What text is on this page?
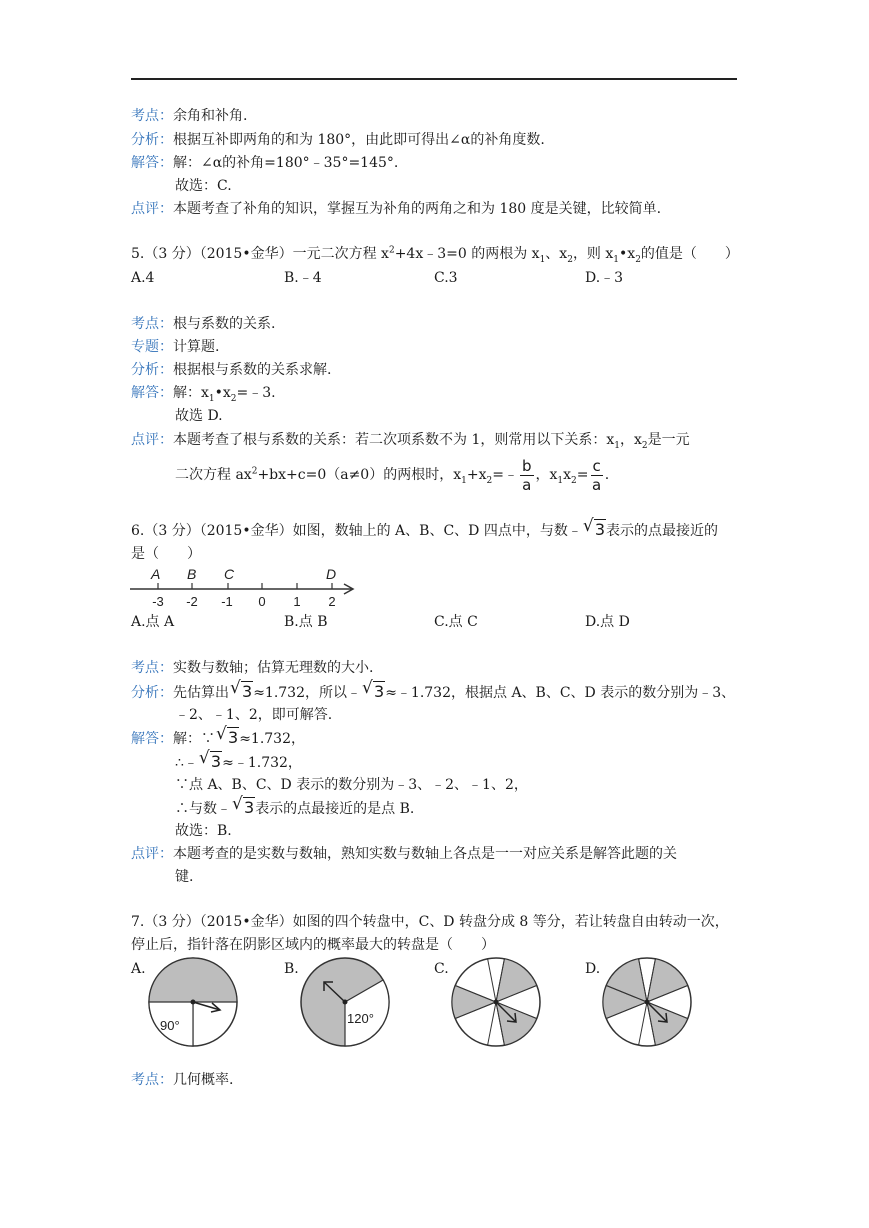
考点：余角和补角.
分析：根据互补即两角的和为 180°，由此即可得出∠α的补角度数.
解答：解：∠α的补角=180°﹣35°=145°.
故选：C.
点评：本题考查了补角的知识，掌握互为补角的两角之和为 180 度是关键，比较简单.
5.（3 分）（2015•金华）一元二次方程 $x^2+4x﹣3=0$ 的两根为 $x_1$、$x_2$，则 $x_1•x_2$的值是（　　）
A.4	B.﹣4	C.3	D.﹣3
考点：根与系数的关系.
专题：计算题.
分析：根据根与系数的关系求解.
解答：解：$x_1•x_2=﹣3$.
故选 D.
点评：本题考查了根与系数的关系：若二次项系数不为 1，则常用以下关系：$x_1$，$x_2$是一元
二次方程 $ax^2+bx+c=0(a\ne 0)$的两根时，$x_1+x_2=﹣ \frac{b}{a}$ ，$x_1x_2= \frac{c}{a}$ .
6.（3 分）（2015•金华）如图，数轴上的 A、B、C、D 四点中，与数﹣ √ 3表示的点最接近的
是（　　）
A B C	D
-3 -2 -1 0 1 2
A.点 A	B.点 B	C.点 C	D.点 D
考点：实数与数轴；估算无理数的大小.
分析：先估算出 √ 3≈1.732，所以﹣ √ 3≈﹣1.732，根据点 A、B、C、D 表示的数分别为﹣3、
﹣2、﹣1、2，即可解答.
解答：解：∵ √ 3≈1.732，
∴﹣ √ 3≈﹣1.732，
∵点 A、B、C、D 表示的数分别为﹣3、﹣2、﹣1、2，
∴与数﹣ √ 3表示的点最接近的是点 B.
故选：B.
点评：本题考查的是实数与数轴，熟知实数与数轴上各点是一一对应关系是解答此题的关
键.
7.（3 分）（2015•金华）如图的四个转盘中，C、D 转盘分成 8 等分，若让转盘自由转动一次，
停止后，指针落在阴影区域内的概率最大的转盘是（　　）
A.	B.	C.	D.
90°	120°
考点：几何概率.
